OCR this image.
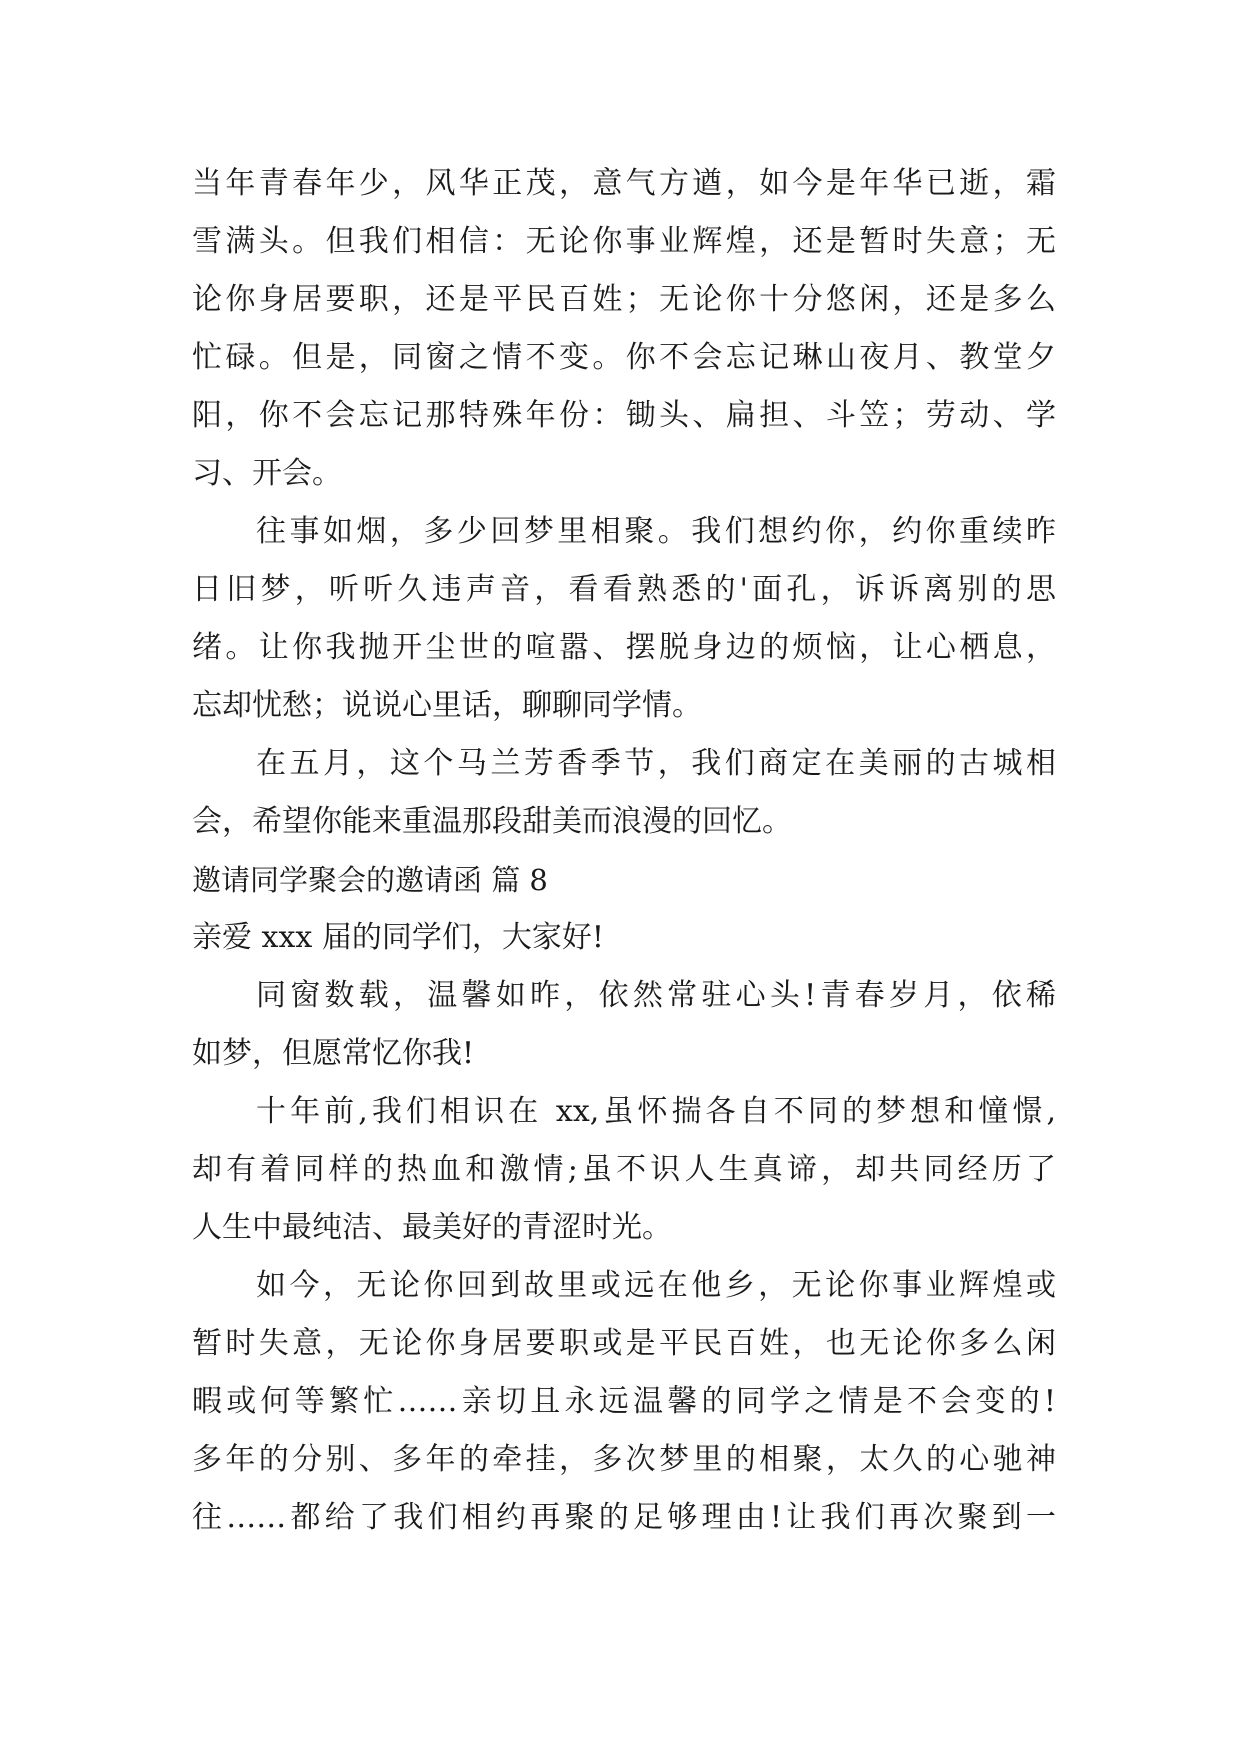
当年青春年少，风华正茂，意气方遒，如今是年华已逝，霜
雪满头。但我们相信：无论你事业辉煌，还是暂时失意；无
论你身居要职，还是平民百姓；无论你十分悠闲，还是多么
忙碌。但是，同窗之情不变。你不会忘记琳山夜月、教堂夕
阳，你不会忘记那特殊年份：锄头、扁担、斗笠；劳动、学
习、开会。
往事如烟，多少回梦里相聚。我们想约你，约你重续昨
日旧梦，听听久违声音，看看熟悉的'面孔，诉诉离别的思
绪。让你我抛开尘世的喧嚣、摆脱身边的烦恼，让心栖息，
忘却忧愁；说说心里话，聊聊同学情。
在五月，这个马兰芳香季节，我们商定在美丽的古城相
会，希望你能来重温那段甜美而浪漫的回忆。
邀请同学聚会的邀请函 篇 8
亲爱 xxx 届的同学们，大家好!
同窗数载，温馨如昨，依然常驻心头!青春岁月，依稀
如梦，但愿常忆你我!
十年前,我们相识在 xx,虽怀揣各自不同的梦想和憧憬,
却有着同样的热血和激情;虽不识人生真谛，却共同经历了
人生中最纯洁、最美好的青涩时光。
如今，无论你回到故里或远在他乡，无论你事业辉煌或
暂时失意，无论你身居要职或是平民百姓，也无论你多么闲
暇或何等繁忙……亲切且永远温馨的同学之情是不会变的!
多年的分别、多年的牵挂，多次梦里的相聚，太久的心驰神
往……都给了我们相约再聚的足够理由!让我们再次聚到一
